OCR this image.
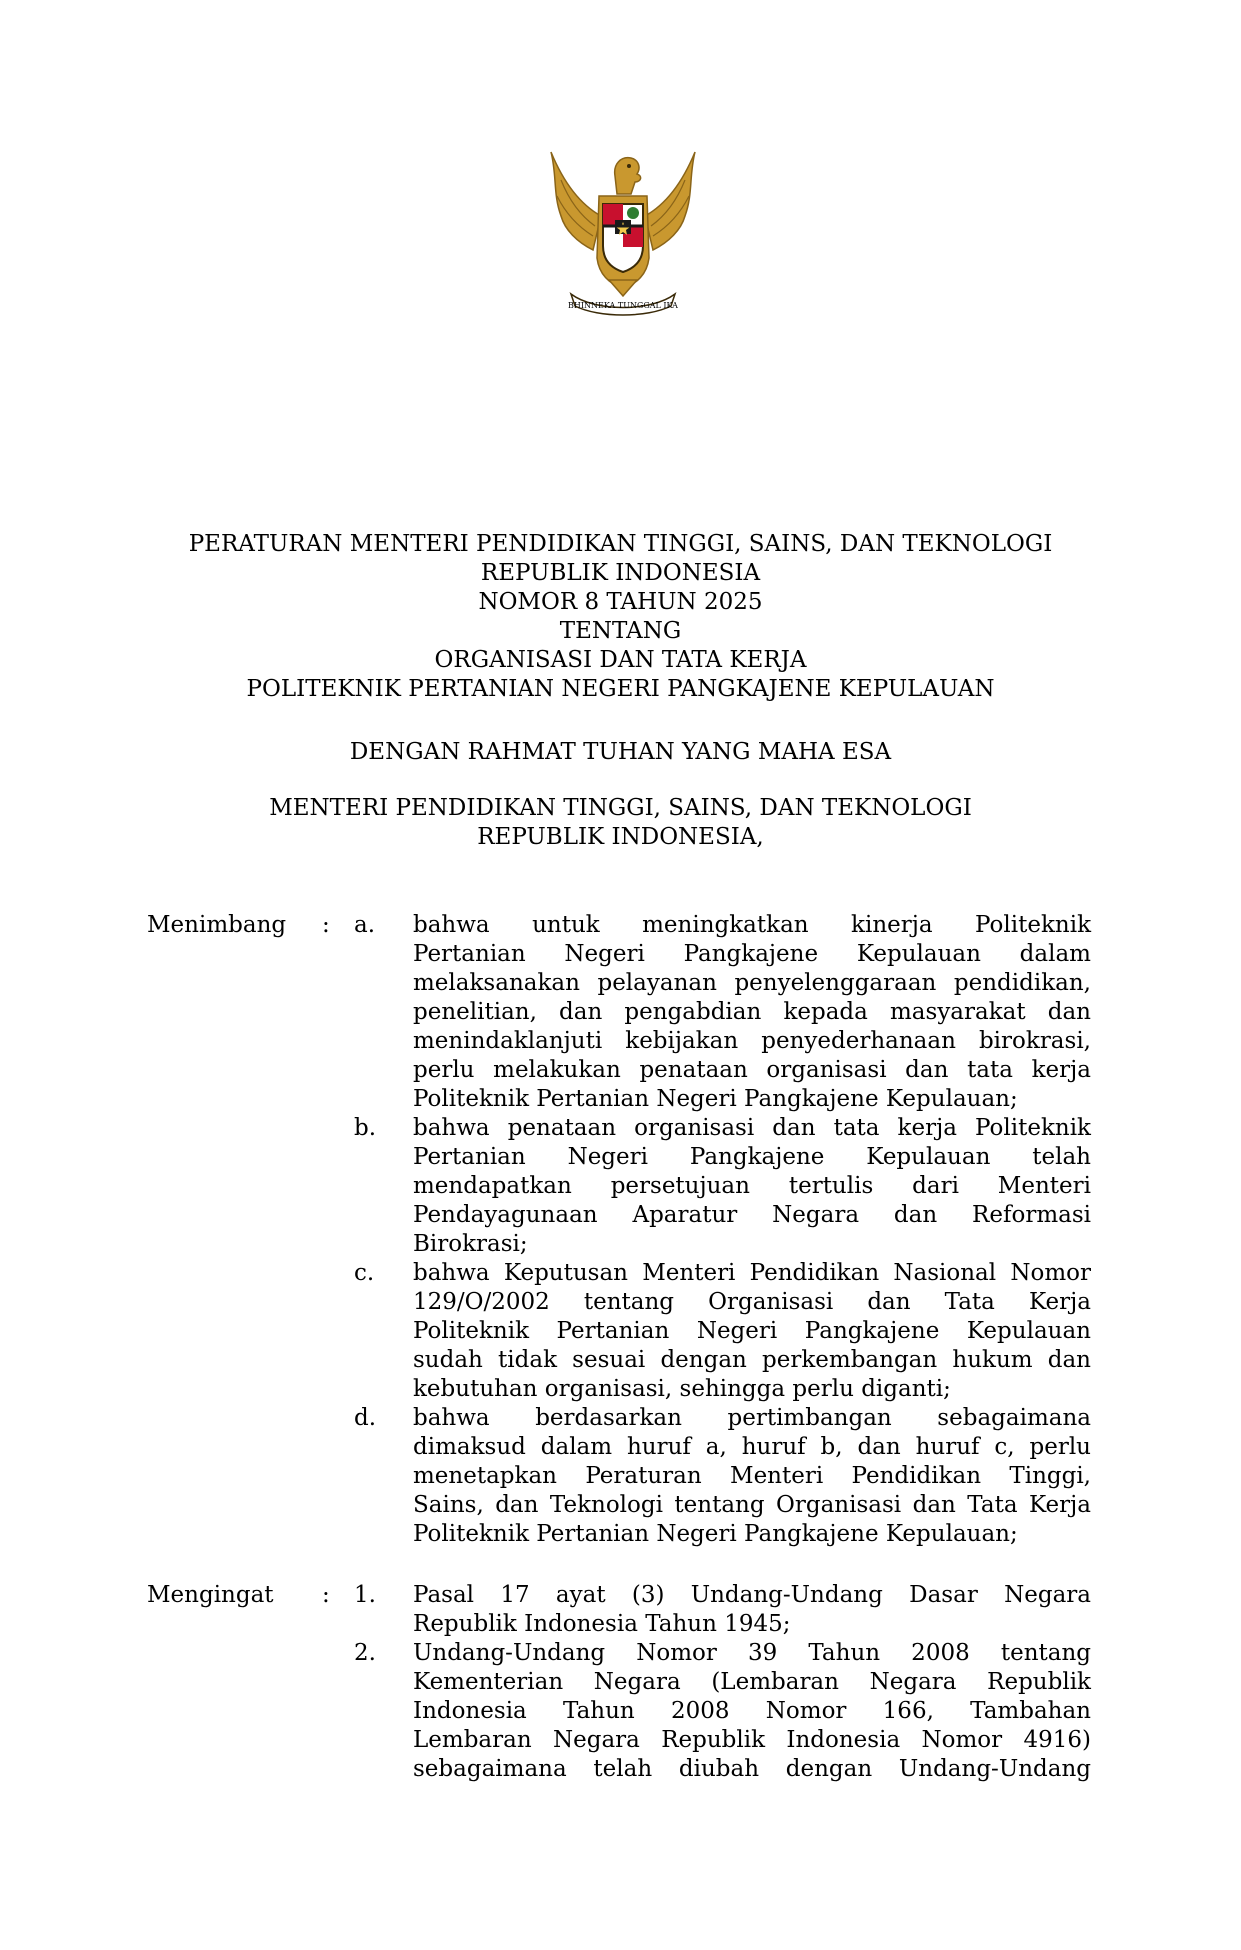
BHINNEKA TUNGGAL IKA
PERATURAN MENTERI PENDIDIKAN TINGGI, SAINS, DAN TEKNOLOGI
REPUBLIK INDONESIA
NOMOR 8 TAHUN 2025
TENTANG
ORGANISASI DAN TATA KERJA
POLITEKNIK PERTANIAN NEGERI PANGKAJENE KEPULAUAN
DENGAN RAHMAT TUHAN YANG MAHA ESA
MENTERI PENDIDIKAN TINGGI, SAINS, DAN TEKNOLOGI
REPUBLIK INDONESIA,
Menimbang : a. bahwa untuk meningkatkan kinerja Politeknik
Pertanian Negeri Pangkajene Kepulauan dalam
melaksanakan pelayanan penyelenggaraan pendidikan,
penelitian, dan pengabdian kepada masyarakat dan
menindaklanjuti kebijakan penyederhanaan birokrasi,
perlu melakukan penataan organisasi dan tata kerja
Politeknik Pertanian Negeri Pangkajene Kepulauan;
b. bahwa penataan organisasi dan tata kerja Politeknik
Pertanian Negeri Pangkajene Kepulauan telah
mendapatkan persetujuan tertulis dari Menteri
Pendayagunaan Aparatur Negara dan Reformasi
Birokrasi;
c. bahwa Keputusan Menteri Pendidikan Nasional Nomor
129/O/2002 tentang Organisasi dan Tata Kerja
Politeknik Pertanian Negeri Pangkajene Kepulauan
sudah tidak sesuai dengan perkembangan hukum dan
kebutuhan organisasi, sehingga perlu diganti;
d. bahwa berdasarkan pertimbangan sebagaimana
dimaksud dalam huruf a, huruf b, dan huruf c, perlu
menetapkan Peraturan Menteri Pendidikan Tinggi,
Sains, dan Teknologi tentang Organisasi dan Tata Kerja
Politeknik Pertanian Negeri Pangkajene Kepulauan;
Mengingat : 1. Pasal 17 ayat (3) Undang-Undang Dasar Negara
Republik Indonesia Tahun 1945;
2. Undang-Undang Nomor 39 Tahun 2008 tentang
Kementerian Negara (Lembaran Negara Republik
Indonesia Tahun 2008 Nomor 166, Tambahan
Lembaran Negara Republik Indonesia Nomor 4916)
sebagaimana telah diubah dengan Undang-Undang
